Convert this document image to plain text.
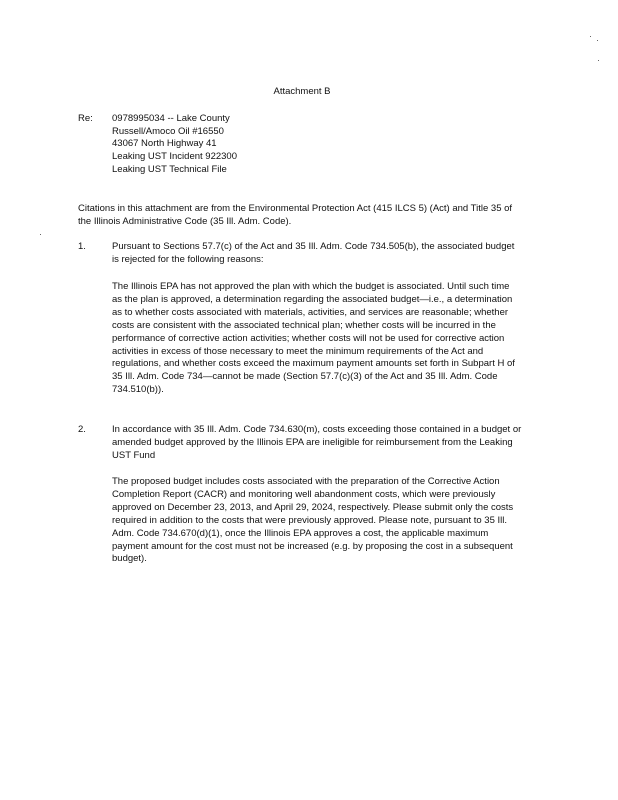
Attachment B
Re: 0978995034 -- Lake County
Russell/Amoco Oil #16550
43067 North Highway 41
Leaking UST Incident 922300
Leaking UST Technical File
Citations in this attachment are from the Environmental Protection Act (415 ILCS 5) (Act) and Title 35 of the Illinois Administrative Code (35 Ill. Adm. Code).
1.	Pursuant to Sections 57.7(c) of the Act and 35 Ill. Adm. Code 734.505(b), the associated budget is rejected for the following reasons:
The Illinois EPA has not approved the plan with which the budget is associated. Until such time as the plan is approved, a determination regarding the associated budget—i.e., a determination as to whether costs associated with materials, activities, and services are reasonable; whether costs are consistent with the associated technical plan; whether costs will be incurred in the performance of corrective action activities; whether costs will not be used for corrective action activities in excess of those necessary to meet the minimum requirements of the Act and regulations, and whether costs exceed the maximum payment amounts set forth in Subpart H of 35 Ill. Adm. Code 734—cannot be made (Section 57.7(c)(3) of the Act and 35 Ill. Adm. Code 734.510(b)).
2.	In accordance with 35 Ill. Adm. Code 734.630(m), costs exceeding those contained in a budget or amended budget approved by the Illinois EPA are ineligible for reimbursement from the Leaking UST Fund
The proposed budget includes costs associated with the preparation of the Corrective Action Completion Report (CACR) and monitoring well abandonment costs, which were previously approved on December 23, 2013, and April 29, 2024, respectively. Please submit only the costs required in addition to the costs that were previously approved. Please note, pursuant to 35 Ill. Adm. Code 734.670(d)(1), once the Illinois EPA approves a cost, the applicable maximum payment amount for the cost must not be increased (e.g. by proposing the cost in a subsequent budget).
